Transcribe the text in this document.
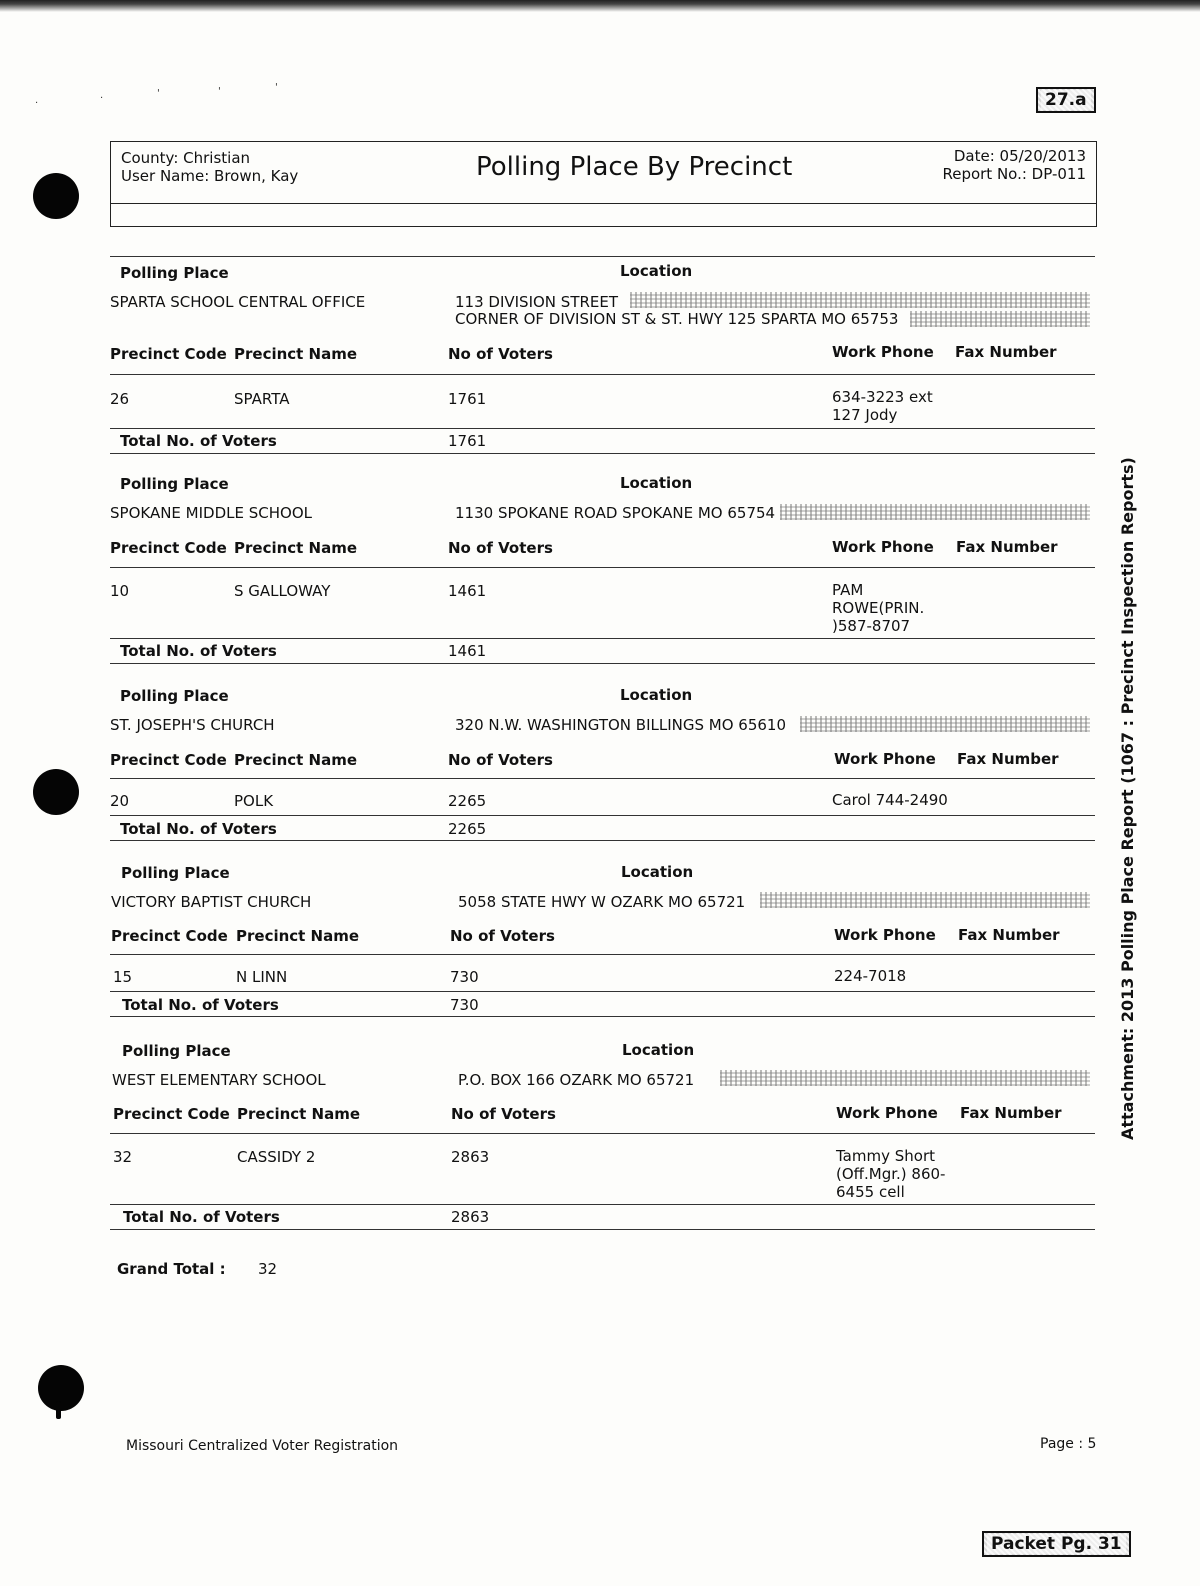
·	·	'	'	'
27.a
County: Christian
User Name: Brown, Kay	Polling Place By Precinct	Date: 05/20/2013
Report No.: DP-011
Polling Place	Location
SPARTA SCHOOL CENTRAL OFFICE	113 DIVISION STREET
CORNER OF DIVISION ST & ST. HWY 125 SPARTA MO 65753
Precinct Code Precinct Name	No of Voters	Work Phone Fax Number
26	SPARTA	1761	634-3223 ext 127 Jody
Total No. of Voters	1761
Polling Place	Location
SPOKANE MIDDLE SCHOOL	1130 SPOKANE ROAD SPOKANE MO 65754
Precinct Code Precinct Name	No of Voters	Work Phone Fax Number
10	S GALLOWAY	1461	PAM ROWE(PRIN. )587-8707
Total No. of Voters	1461
Polling Place	Location
ST. JOSEPH'S CHURCH	320 N.W. WASHINGTON BILLINGS MO 65610
Precinct Code Precinct Name	No of Voters	Work Phone Fax Number
20	POLK	2265	Carol 744-2490
Total No. of Voters	2265
Polling Place	Location
VICTORY BAPTIST CHURCH	5058 STATE HWY W OZARK MO 65721
Precinct Code Precinct Name	No of Voters	Work Phone Fax Number
15	N LINN	730	224-7018
Total No. of Voters	730
Polling Place	Location
WEST ELEMENTARY SCHOOL	P.O. BOX 166 OZARK MO 65721
Precinct Code Precinct Name	No of Voters	Work Phone Fax Number
32	CASSIDY 2	2863	Tammy Short (Off.Mgr.) 860-6455 cell
Total No. of Voters	2863
Grand Total : 32
Missouri Centralized Voter Registration	Page : 5
Packet Pg. 31
Attachment: 2013 Polling Place Report (1067 : Precinct Inspection Reports)
